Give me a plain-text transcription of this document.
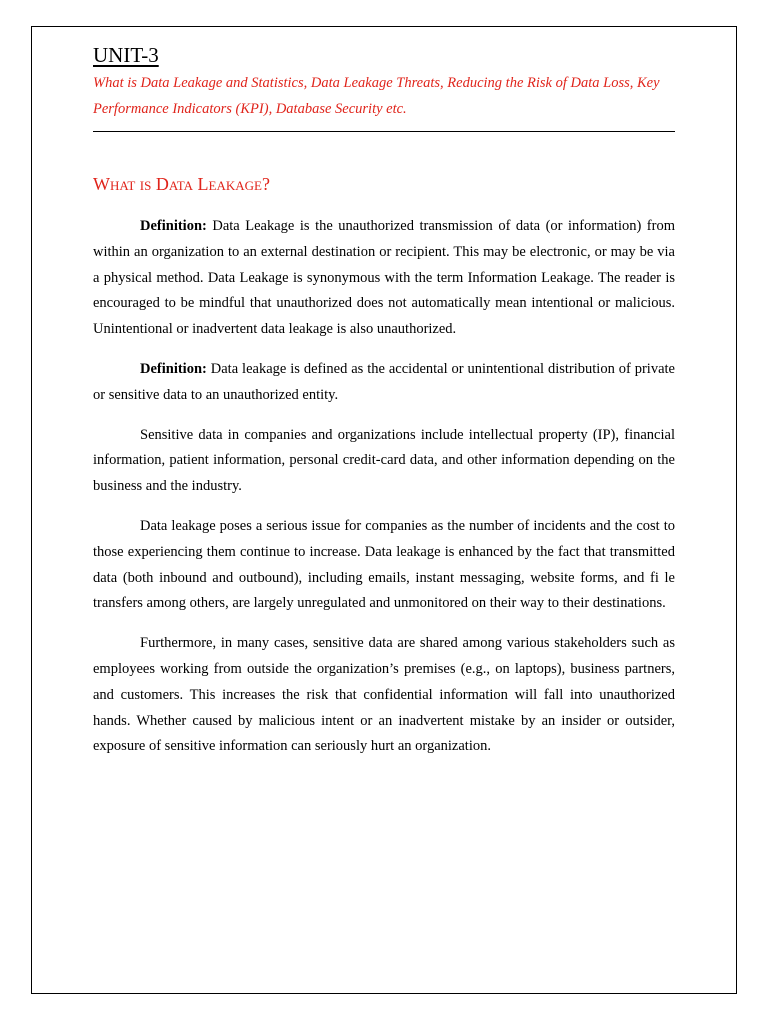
UNIT-3

What is Data Leakage and Statistics, Data Leakage Threats, Reducing the Risk of Data Loss, Key Performance Indicators (KPI), Database Security etc.

What is Data Leakage?

Definition: Data Leakage is the unauthorized transmission of data (or information) from within an organization to an external destination or recipient. This may be electronic, or may be via a physical method. Data Leakage is synonymous with the term Information Leakage. The reader is encouraged to be mindful that unauthorized does not automatically mean intentional or malicious. Unintentional or inadvertent data leakage is also unauthorized.

Definition: Data leakage is defined as the accidental or unintentional distribution of private or sensitive data to an unauthorized entity.

Sensitive data in companies and organizations include intellectual property (IP), financial information, patient information, personal credit-card data, and other information depending on the business and the industry.

Data leakage poses a serious issue for companies as the number of incidents and the cost to those experiencing them continue to increase. Data leakage is enhanced by the fact that transmitted data (both inbound and outbound), including emails, instant messaging, website forms, and fi le transfers among others, are largely unregulated and unmonitored on their way to their destinations.

Furthermore, in many cases, sensitive data are shared among various stakeholders such as employees working from outside the organization’s premises (e.g., on laptops), business partners, and customers. This increases the risk that confidential information will fall into unauthorized hands. Whether caused by malicious intent or an inadvertent mistake by an insider or outsider, exposure of sensitive information can seriously hurt an organization.
